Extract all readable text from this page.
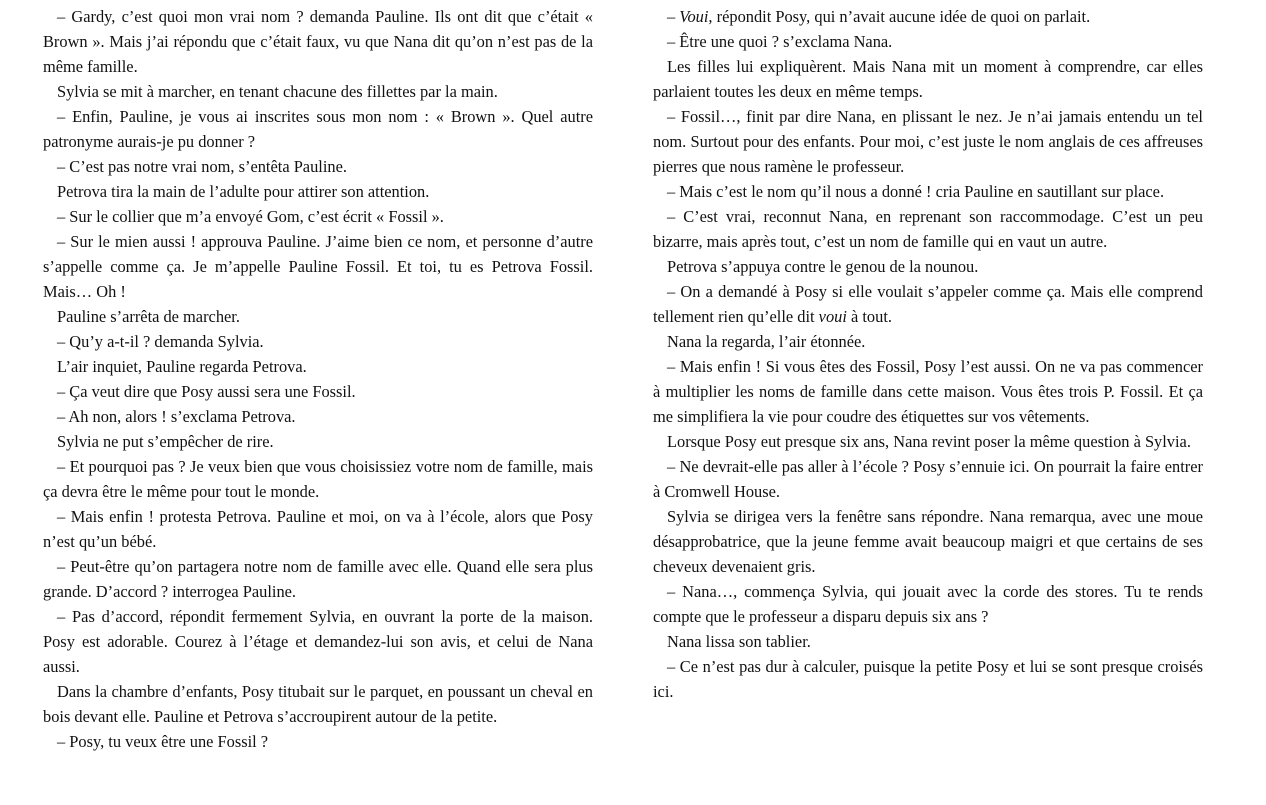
– Gardy, c’est quoi mon vrai nom ? demanda Pauline. Ils ont dit que c’était « Brown ». Mais j’ai répondu que c’était faux, vu que Nana dit qu’on n’est pas de la même famille.

Sylvia se mit à marcher, en tenant chacune des fillettes par la main.

– Enfin, Pauline, je vous ai inscrites sous mon nom : « Brown ». Quel autre patronyme aurais-je pu donner ?

– C’est pas notre vrai nom, s’entêta Pauline.

Petrova tira la main de l’adulte pour attirer son attention.

– Sur le collier que m’a envoyé Gom, c’est écrit « Fossil ».

– Sur le mien aussi ! approuva Pauline. J’aime bien ce nom, et personne d’autre s’appelle comme ça. Je m’appelle Pauline Fossil. Et toi, tu es Petrova Fossil. Mais… Oh !

Pauline s’arrêta de marcher.

– Qu’y a-t-il ? demanda Sylvia.

L’air inquiet, Pauline regarda Petrova.

– Ça veut dire que Posy aussi sera une Fossil.

– Ah non, alors ! s’exclama Petrova.

Sylvia ne put s’empêcher de rire.

– Et pourquoi pas ? Je veux bien que vous choisissiez votre nom de famille, mais ça devra être le même pour tout le monde.

– Mais enfin ! protesta Petrova. Pauline et moi, on va à l’école, alors que Posy n’est qu’un bébé.

– Peut-être qu’on partagera notre nom de famille avec elle. Quand elle sera plus grande. D’accord ? interrogea Pauline.

– Pas d’accord, répondit fermement Sylvia, en ouvrant la porte de la maison. Posy est adorable. Courez à l’étage et demandez-lui son avis, et celui de Nana aussi.

Dans la chambre d’enfants, Posy titubait sur le parquet, en poussant un cheval en bois devant elle. Pauline et Petrova s’accroupirent autour de la petite.

– Posy, tu veux être une Fossil ?

– Voui, répondit Posy, qui n’avait aucune idée de quoi on parlait.

– Être une quoi ? s’exclama Nana.

Les filles lui expliquèrent. Mais Nana mit un moment à comprendre, car elles parlaient toutes les deux en même temps.

– Fossil…, finit par dire Nana, en plissant le nez. Je n’ai jamais entendu un tel nom. Surtout pour des enfants. Pour moi, c’est juste le nom anglais de ces affreuses pierres que nous ramène le professeur.

– Mais c’est le nom qu’il nous a donné ! cria Pauline en sautillant sur place.

– C’est vrai, reconnut Nana, en reprenant son raccommodage. C’est un peu bizarre, mais après tout, c’est un nom de famille qui en vaut un autre.

Petrova s’appuya contre le genou de la nounou.

– On a demandé à Posy si elle voulait s’appeler comme ça. Mais elle comprend tellement rien qu’elle dit voui à tout.

Nana la regarda, l’air étonnée.

– Mais enfin ! Si vous êtes des Fossil, Posy l’est aussi. On ne va pas commencer à multiplier les noms de famille dans cette maison. Vous êtes trois P. Fossil. Et ça me simplifiera la vie pour coudre des étiquettes sur vos vêtements.

Lorsque Posy eut presque six ans, Nana revint poser la même question à Sylvia.

– Ne devrait-elle pas aller à l’école ? Posy s’ennuie ici. On pourrait la faire entrer à Cromwell House.

Sylvia se dirigea vers la fenêtre sans répondre. Nana remarqua, avec une moue désapprobatrice, que la jeune femme avait beaucoup maigri et que certains de ses cheveux devenaient gris.

– Nana…, commença Sylvia, qui jouait avec la corde des stores. Tu te rends compte que le professeur a disparu depuis six ans ?

Nana lissa son tablier.

– Ce n’est pas dur à calculer, puisque la petite Posy et lui se sont presque croisés ici.
